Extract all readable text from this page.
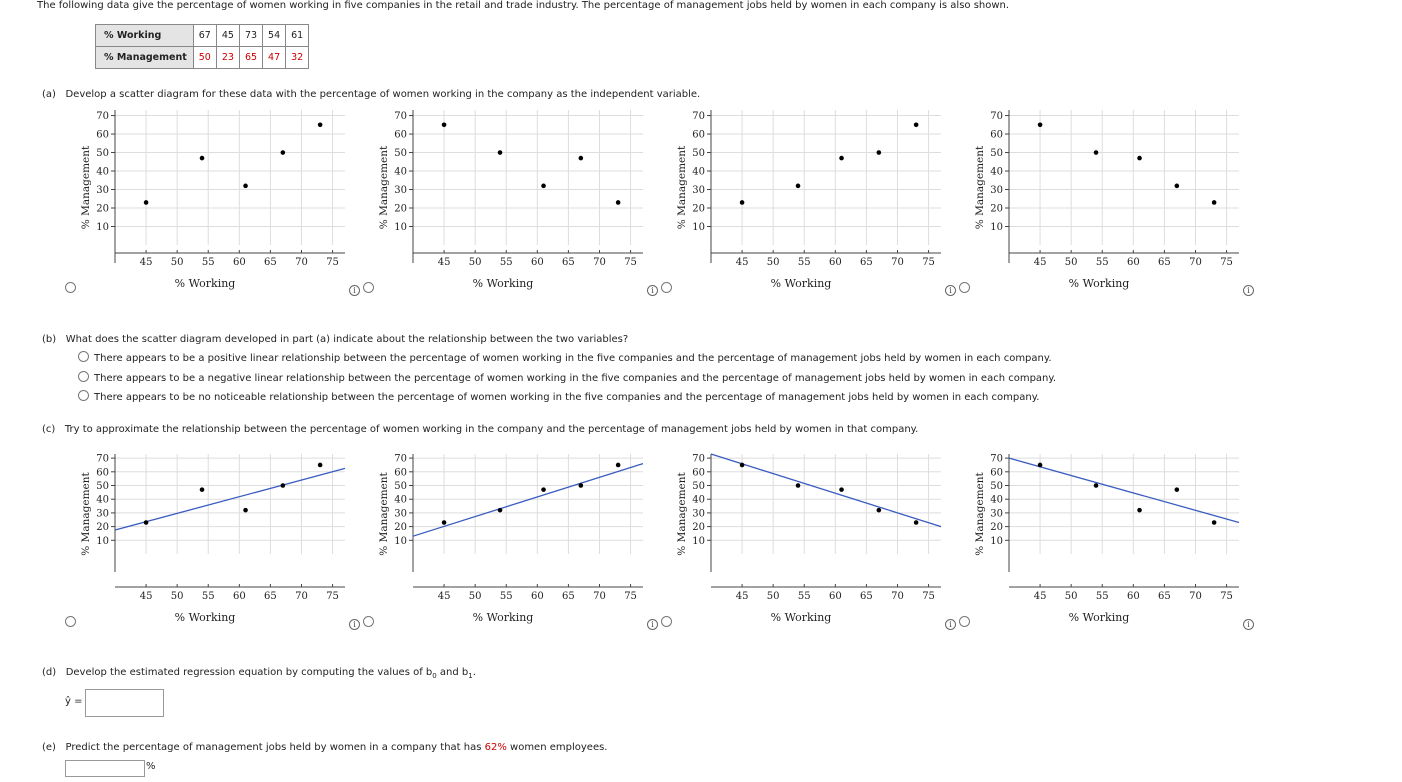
The following data give the percentage of women working in five companies in the retail and trade industry. The percentage of management jobs held by women in each company is also shown.
% Working	67	45	73	54	61
% Management	50	23	65	47	32
(a) Develop a scatter diagram for these data with the percentage of women working in the company as the independent variable.
10
20
30
40
50
60
70
45 50 55 60 65 70 75
% Working
% Management	10
20
30
40
50
60
70
45 50 55 60 65 70 75
% Working
% Management	10
20
30
40
50
60
70
45 50 55 60 65 70 75
% Working
% Management	10
20
30
40
50
60
70
45 50 55 60 65 70 75
% Working
% Management
i	i	i	i
(b) What does the scatter diagram developed in part (a) indicate about the relationship between the two variables?
There appears to be a positive linear relationship between the percentage of women working in the five companies and the percentage of management jobs held by women in each company.
There appears to be a negative linear relationship between the percentage of women working in the five companies and the percentage of management jobs held by women in each company.
There appears to be no noticeable relationship between the percentage of women working in the five companies and the percentage of management jobs held by women in each company.
(c) Try to approximate the relationship between the percentage of women working in the company and the percentage of management jobs held by women in that company.
10
20
30
40
50
60
70
45 50 55 60 65 70 75
% Working
% Management	10
20
30
40
50
60
70
45 50 55 60 65 70 75
% Working
% Management	10
20
30
40
50
60
70
45 50 55 60 65 70 75
% Working
% Management	10
20
30
40
50
60
70
45 50 55 60 65 70 75
% Working
% Management
i	i	i	i
(d) Develop the estimated regression equation by computing the values of $b_0$ and $b_1$.
ŷ =
(e) Predict the percentage of management jobs held by women in a company that has 62% women employees.
%
